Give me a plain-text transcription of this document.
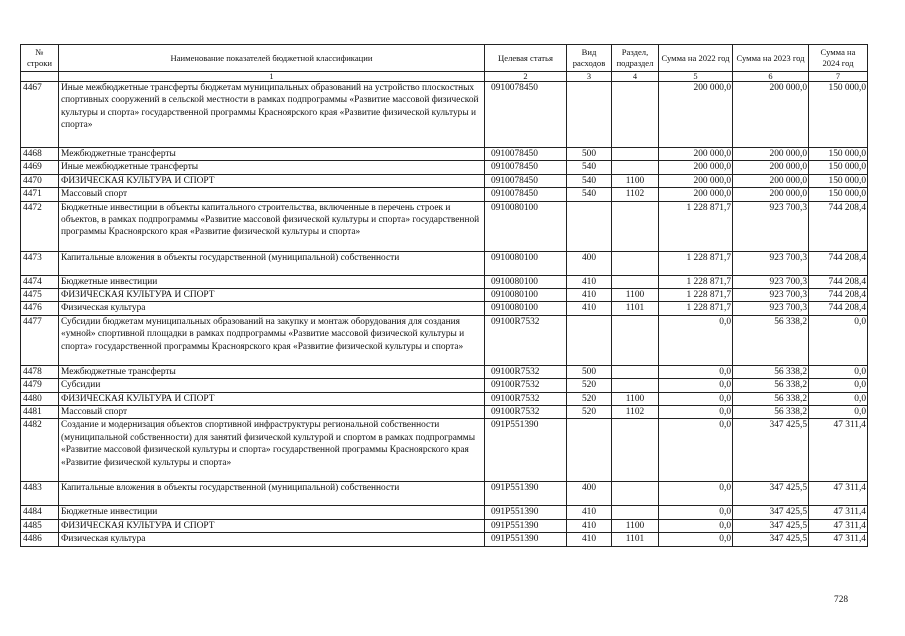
№ строки	Наименование показателей бюджетной классификации	Целевая статья	Вид расходов	Раздел, подраздел	Сумма на 2022 год	Сумма на 2023 год	Сумма на 2024 год
	1	2	3	4	5	6	7
4467	Иные межбюджетные трансферты бюджетам муниципальных образований на устройство плоскостных спортивных сооружений в сельской местности в рамках подпрограммы «Развитие массовой физической культуры и спорта» государственной программы Красноярского края «Развитие физической культуры и спорта»	0910078450			200 000,0	200 000,0	150 000,0
4468	Межбюджетные трансферты	0910078450	500		200 000,0	200 000,0	150 000,0
4469	Иные межбюджетные трансферты	0910078450	540		200 000,0	200 000,0	150 000,0
4470	ФИЗИЧЕСКАЯ КУЛЬТУРА И СПОРТ	0910078450	540	1100	200 000,0	200 000,0	150 000,0
4471	Массовый спорт	0910078450	540	1102	200 000,0	200 000,0	150 000,0
4472	Бюджетные инвестиции в объекты капитального строительства, включенные в перечень строек и объектов, в рамках подпрограммы «Развитие массовой физической культуры и спорта» государственной программы Красноярского края «Развитие физической культуры и спорта»	0910080100			1 228 871,7	923 700,3	744 208,4
4473	Капитальные вложения в объекты государственной (муниципальной) собственности	0910080100	400		1 228 871,7	923 700,3	744 208,4
4474	Бюджетные инвестиции	0910080100	410		1 228 871,7	923 700,3	744 208,4
4475	ФИЗИЧЕСКАЯ КУЛЬТУРА И СПОРТ	0910080100	410	1100	1 228 871,7	923 700,3	744 208,4
4476	Физическая культура	0910080100	410	1101	1 228 871,7	923 700,3	744 208,4
4477	Субсидии бюджетам муниципальных образований на закупку и монтаж оборудования для создания «умной» спортивной площадки в рамках подпрограммы «Развитие массовой физической культуры и спорта» государственной программы Красноярского края «Развитие физической культуры и спорта»	09100R7532			0,0	56 338,2	0,0
4478	Межбюджетные трансферты	09100R7532	500		0,0	56 338,2	0,0
4479	Субсидии	09100R7532	520		0,0	56 338,2	0,0
4480	ФИЗИЧЕСКАЯ КУЛЬТУРА И СПОРТ	09100R7532	520	1100	0,0	56 338,2	0,0
4481	Массовый спорт	09100R7532	520	1102	0,0	56 338,2	0,0
4482	Создание и модернизация объектов спортивной инфраструктуры региональной собственности (муниципальной собственности) для занятий физической культурой и спортом в рамках подпрограммы «Развитие массовой физической культуры и спорта» государственной программы Красноярского края «Развитие физической культуры и спорта»	091P551390			0,0	347 425,5	47 311,4
4483	Капитальные вложения в объекты государственной (муниципальной) собственности	091P551390	400		0,0	347 425,5	47 311,4
4484	Бюджетные инвестиции	091P551390	410		0,0	347 425,5	47 311,4
4485	ФИЗИЧЕСКАЯ КУЛЬТУРА И СПОРТ	091P551390	410	1100	0,0	347 425,5	47 311,4
4486	Физическая культура	091P551390	410	1101	0,0	347 425,5	47 311,4
728
